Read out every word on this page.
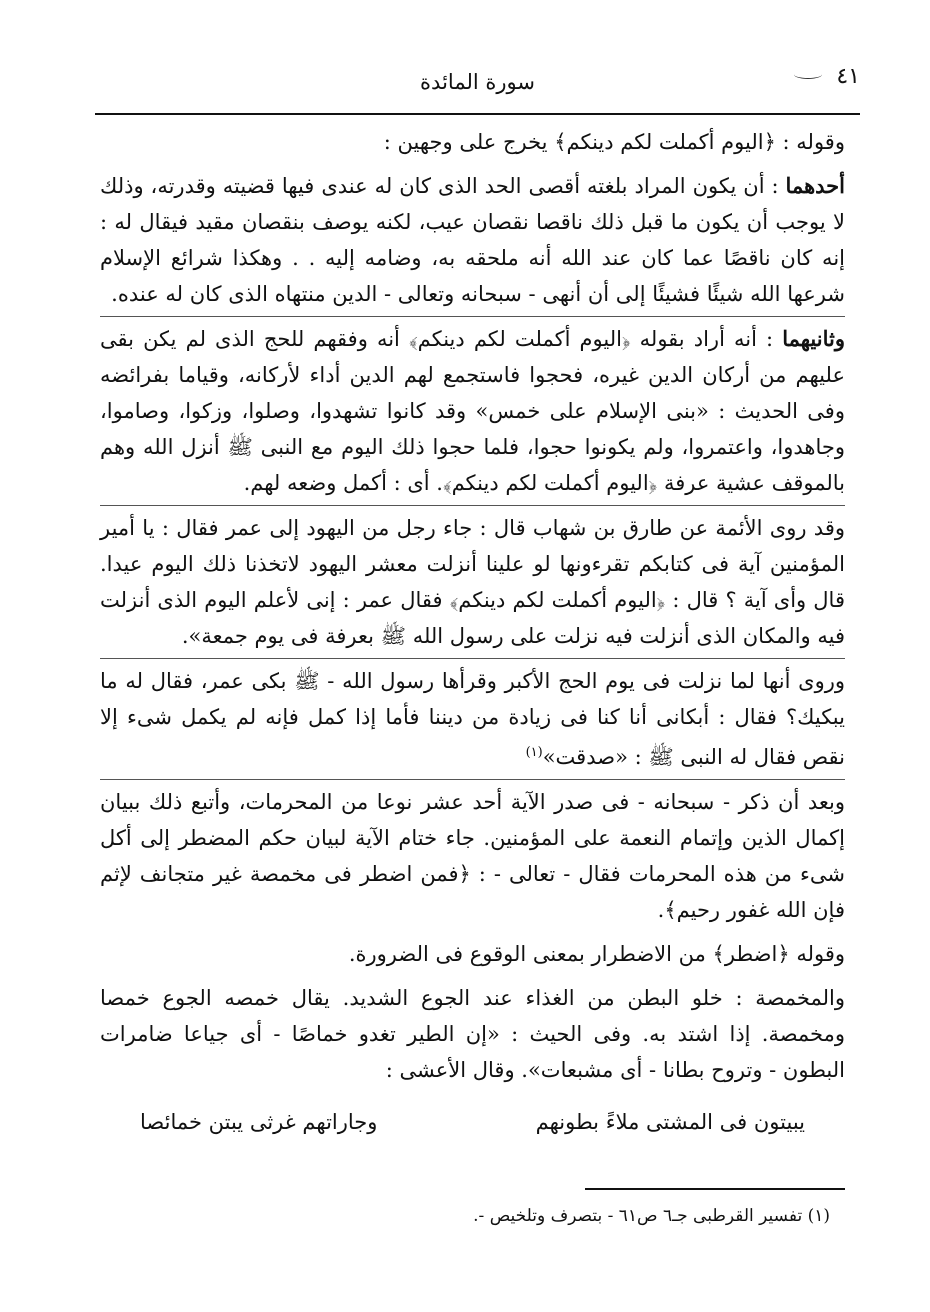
٤١
سورة المائدة

وقوله : ﴿اليوم أكملت لكم دينكم﴾ يخرج على وجهين :

أحدهما : أن يكون المراد بلغته أقصى الحد الذى كان له عندى فيها قضيته وقدرته، وذلك لا يوجب أن يكون ما قبل ذلك ناقصا نقصان عيب، لكنه يوصف بنقصان مقيد فيقال له : إنه كان ناقصًا عما كان عند الله أنه ملحقه به، وضامه إليه . . وهكذا شرائع الإسلام شرعها الله شيئًا فشيئًا إلى أن أنهى - سبحانه وتعالى - الدين منتهاه الذى كان له عنده.

وثانيهما : أنه أراد بقوله ﴿اليوم أكملت لكم دينكم﴾ أنه وفقهم للحج الذى لم يكن بقى عليهم من أركان الدين غيره، فحجوا فاستجمع لهم الدين أداء لأركانه، وقياما بفرائضه وفى الحديث : «بنى الإسلام على خمس» وقد كانوا تشهدوا، وصلوا، وزكوا، وصاموا، وجاهدوا، واعتمروا، ولم يكونوا حجوا، فلما حجوا ذلك اليوم مع النبى ﷺ أنزل الله وهم بالموقف عشية عرفة ﴿اليوم أكملت لكم دينكم﴾. أى : أكمل وضعه لهم.

وقد روى الأئمة عن طارق بن شهاب قال : جاء رجل من اليهود إلى عمر فقال : يا أمير المؤمنين آية فى كتابكم تقرءونها لو علينا أنزلت معشر اليهود لاتخذنا ذلك اليوم عيدا. قال وأى آية ؟ قال : ﴿اليوم أكملت لكم دينكم﴾ فقال عمر : إنى لأعلم اليوم الذى أنزلت فيه والمكان الذى أنزلت فيه نزلت على رسول الله ﷺ بعرفة فى يوم جمعة».

وروى أنها لما نزلت فى يوم الحج الأكبر وقرأها رسول الله - ﷺ بكى عمر، فقال له ما يبكيك؟ فقال : أبكانى أنا كنا فى زيادة من ديننا فأما إذا كمل فإنه لم يكمل شىء إلا نقص فقال له النبى ﷺ : «صدقت»$^{(١)}$

وبعد أن ذكر - سبحانه - فى صدر الآية أحد عشر نوعا من المحرمات، وأتبع ذلك ببيان إكمال الذين وإتمام النعمة على المؤمنين. جاء ختام الآية لبيان حكم المضطر إلى أكل شىء من هذه المحرمات فقال - تعالى - : ﴿فمن اضطر فى مخمصة غير متجانف لإثم فإن الله غفور رحيم﴾.

وقوله ﴿اضطر﴾ من الاضطرار بمعنى الوقوع فى الضرورة.

والمخمصة : خلو البطن من الغذاء عند الجوع الشديد. يقال خمصه الجوع خمصا ومخمصة. إذا اشتد به. وفى الحيث : «إن الطير تغدو خماصًا - أى جياعا ضامرات البطون - وتروح بطانا - أى مشبعات». وقال الأعشى :

يبيتون فى المشتى ملاءً بطونهم
وجاراتهم غرثى يبتن خمائصا
(١) تفسير القرطبى جـ٦ ص٦١ - بتصرف وتلخيص -.
